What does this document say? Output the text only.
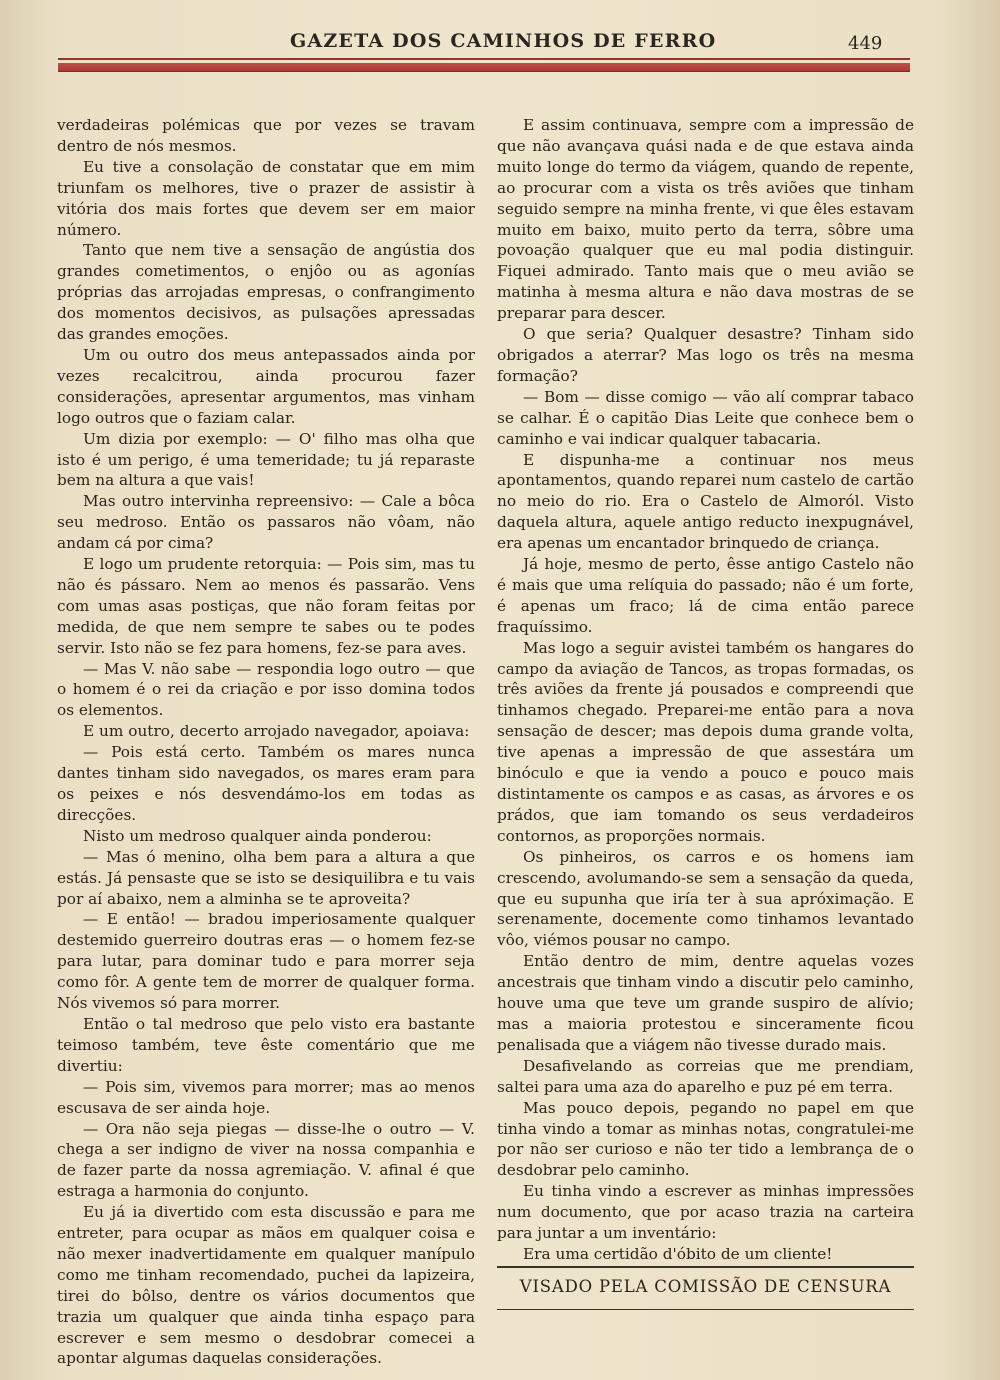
GAZETA DOS CAMINHOS DE FERRO	449

verdadeiras polémicas que por vezes se travam dentro de nós mesmos.

Eu tive a consolação de constatar que em mim triunfam os melhores, tive o prazer de assistir à vitória dos mais fortes que devem ser em maior número.

Tanto que nem tive a sensação de angústia dos grandes cometimentos, o enjôo ou as agonías próprias das arrojadas empresas, o confrangimento dos momentos decisivos, as pulsações apressadas das grandes emoções.

Um ou outro dos meus antepassados ainda por vezes recalcitrou, ainda procurou fazer considerações, apresentar argumentos, mas vinham logo outros que o faziam calar.

Um dizia por exemplo: — O' filho mas olha que isto é um perigo, é uma temeridade; tu já reparaste bem na altura a que vais!

Mas outro intervinha repreensivo: — Cale a bôca seu medroso. Então os passaros não vôam, não andam cá por cima?

E logo um prudente retorquia: — Pois sim, mas tu não és pássaro. Nem ao menos és passarão. Vens com umas asas postiças, que não foram feitas por medida, de que nem sempre te sabes ou te podes servir. Isto não se fez para homens, fez-se para aves.

— Mas V. não sabe — respondia logo outro — que o homem é o rei da criação e por isso domina todos os elementos.

E um outro, decerto arrojado navegador, apoiava:

— Pois está certo. Também os mares nunca dantes tinham sido navegados, os mares eram para os peixes e nós desvendámo-los em todas as direcções.

Nisto um medroso qualquer ainda ponderou:

— Mas ó menino, olha bem para a altura a que estás. Já pensaste que se isto se desiquilibra e tu vais por aí abaixo, nem a alminha se te aproveita?

— E então! — bradou imperiosamente qualquer destemido guerreiro doutras eras — o homem fez-se para lutar, para dominar tudo e para morrer seja como fôr. A gente tem de morrer de qualquer forma. Nós vivemos só para morrer.

Então o tal medroso que pelo visto era bastante teimoso também, teve êste comentário que me divertiu:

— Pois sim, vivemos para morrer; mas ao menos escusava de ser ainda hoje.

— Ora não seja piegas — disse-lhe o outro — V. chega a ser indigno de viver na nossa companhia e de fazer parte da nossa agremiação. V. afinal é que estraga a harmonia do conjunto.

Eu já ia divertido com esta discussão e para me entreter, para ocupar as mãos em qualquer coisa e não mexer inadvertidamente em qualquer manípulo como me tinham recomendado, puchei da lapizeira, tirei do bôlso, dentre os vários documentos que trazia um qualquer que ainda tinha espaço para escrever e sem mesmo o desdobrar comecei a apontar algumas daquelas considerações.

E assim continuava, sempre com a impressão de que não avançava quási nada e de que estava ainda muito longe do termo da viágem, quando de repente, ao procurar com a vista os três aviões que tinham seguido sempre na minha frente, vi que êles estavam muito em baixo, muito perto da terra, sôbre uma povoação qualquer que eu mal podia distinguir. Fiquei admirado. Tanto mais que o meu avião se matinha à mesma altura e não dava mostras de se preparar para descer.

O que seria? Qualquer desastre? Tinham sido obrigados a aterrar? Mas logo os três na mesma formação?

— Bom — disse comigo — vão alí comprar tabaco se calhar. É o capitão Dias Leite que conhece bem o caminho e vai indicar qualquer tabacaria.

E dispunha-me a continuar nos meus apontamentos, quando reparei num castelo de cartão no meio do rio. Era o Castelo de Almoról. Visto daquela altura, aquele antigo reducto inexpugnável, era apenas um encantador brinquedo de criança.

Já hoje, mesmo de perto, êsse antigo Castelo não é mais que uma relíquia do passado; não é um forte, é apenas um fraco; lá de cima então parece fraquíssimo.

Mas logo a seguir avistei também os hangares do campo da aviação de Tancos, as tropas formadas, os três aviões da frente já pousados e compreendi que tinhamos chegado. Preparei-me então para a nova sensação de descer; mas depois duma grande volta, tive apenas a impressão de que assestára um binóculo e que ia vendo a pouco e pouco mais distintamente os campos e as casas, as árvores e os prádos, que iam tomando os seus verdadeiros contornos, as proporções normais.

Os pinheiros, os carros e os homens iam crescendo, avolumando-se sem a sensação da queda, que eu supunha que iría ter à sua apróximação. E serenamente, docemente como tinhamos levantado vôo, viémos pousar no campo.

Então dentro de mim, dentre aquelas vozes ancestrais que tinham vindo a discutir pelo caminho, houve uma que teve um grande suspiro de alívio; mas a maioria protestou e sinceramente ficou penalisada que a viágem não tivesse durado mais.

Desafivelando as correias que me prendiam, saltei para uma aza do aparelho e puz pé em terra.

Mas pouco depois, pegando no papel em que tinha vindo a tomar as minhas notas, congratulei-me por não ser curioso e não ter tido a lembrança de o desdobrar pelo caminho.

Eu tinha vindo a escrever as minhas impressões num documento, que por acaso trazia na carteira para juntar a um inventário:

Era uma certidão d'óbito de um cliente!

VISADO PELA COMISSÃO DE CENSURA
